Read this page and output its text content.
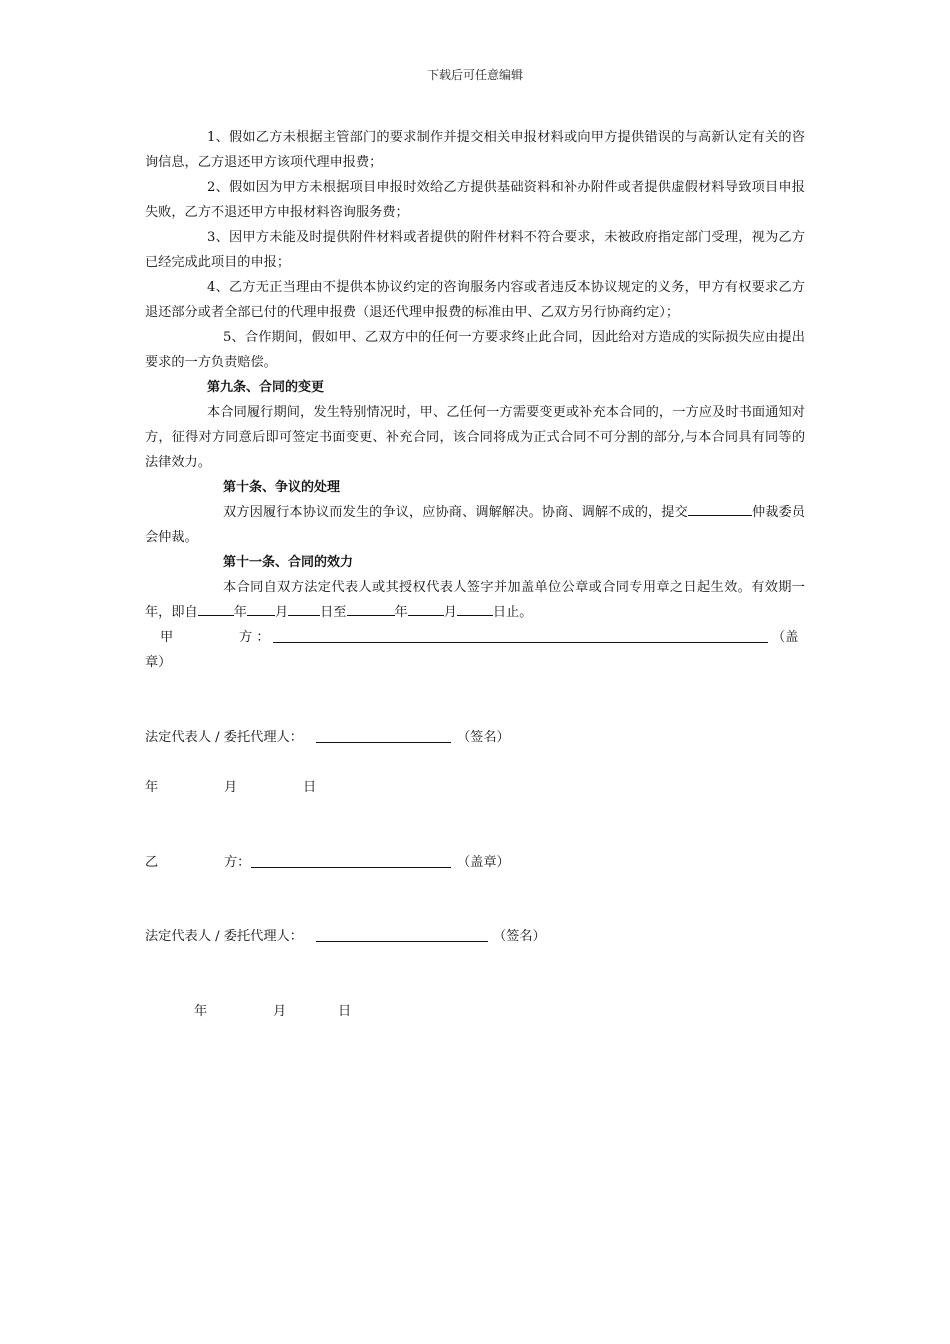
下载后可任意编辑

1、假如乙方未根据主管部门的要求制作并提交相关申报材料或向甲方提供错误的与高新认定有关的咨询信息，乙方退还甲方该项代理申报费；

2、假如因为甲方未根据项目申报时效给乙方提供基础资料和补办附件或者提供虚假材料导致项目申报失败，乙方不退还甲方申报材料咨询服务费；

3、因甲方未能及时提供附件材料或者提供的附件材料不符合要求，未被政府指定部门受理，视为乙方已经完成此项目的申报；

4、乙方无正当理由不提供本协议约定的咨询服务内容或者违反本协议规定的义务，甲方有权要求乙方退还部分或者全部已付的代理申报费（退还代理申报费的标准由甲、乙双方另行协商约定）；

5、合作期间，假如甲、乙双方中的任何一方要求终止此合同，因此给对方造成的实际损失应由提出要求的一方负责赔偿。

第九条、合同的变更

本合同履行期间，发生特别情况时，甲、乙任何一方需要变更或补充本合同的，一方应及时书面通知对方，征得对方同意后即可签定书面变更、补充合同，该合同将成为正式合同不可分割的部分,与本合同具有同等的法律效力。

第十条、争议的处理

双方因履行本协议而发生的争议，应协商、调解解决。协商、调解不成的，提交	仲裁委员会仲裁。

第十一条、合同的效力

本合同自双方法定代表人或其授权代表人签字并加盖单位公章或合同专用章之日起生效。有效期一年，即自	年 月 日至	年	月	日止。

甲	方 ：	（盖
章）
法定代表人 / 委托代理人：	（签名）
年	月	日
乙	方：	（盖章）
法定代表人 / 委托代理人：	（签名）
年	月	日
